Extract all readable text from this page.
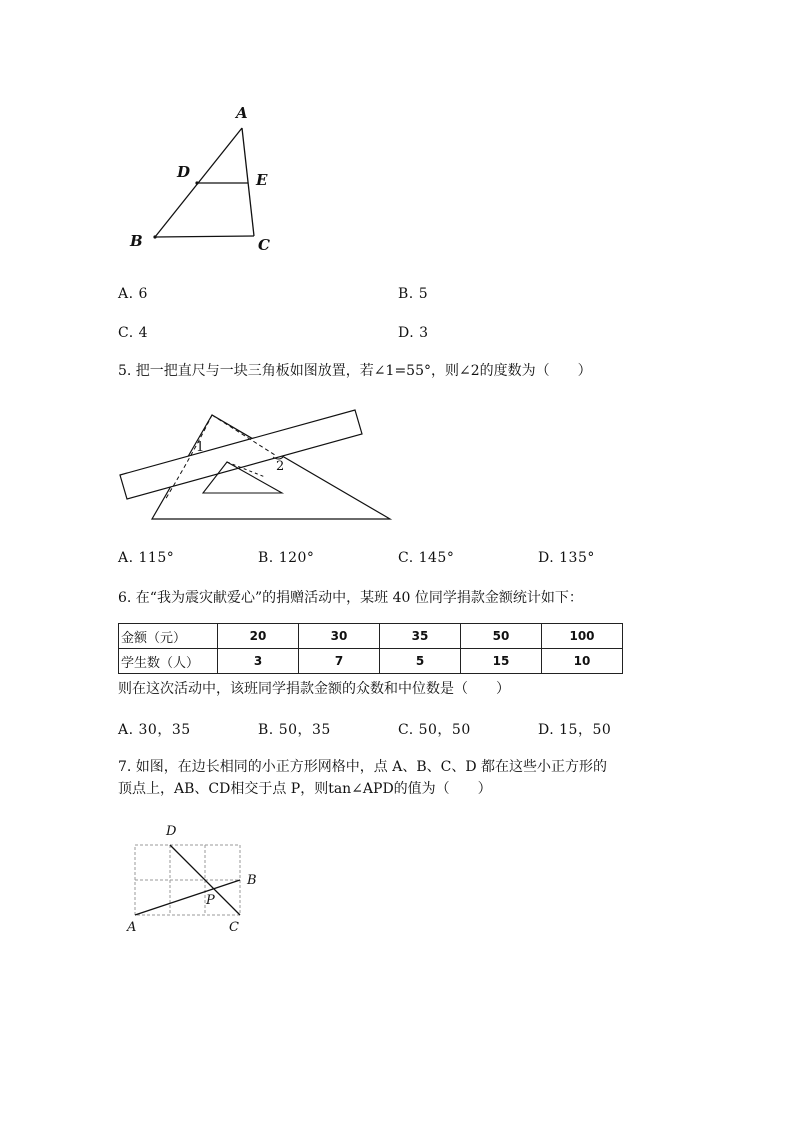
A
D	E
B	C
A. 6	B. 5
C. 4	D. 3
5. 把一把直尺与一块三角板如图放置，若∠1=55°，则∠2的度数为（　　）
1
2
A. 115°	B. 120°	C. 145°	D. 135°
6. 在“我为震灾献爱心”的捐赠活动中，某班 40 位同学捐款金额统计如下：
金额（元）	20	30	35	50	100
学生数（人）	3	7	5	15	10
则在这次活动中，该班同学捐款金额的众数和中位数是（　　）
A. 30，35	B. 50，35	C. 50，50	D. 15，50
7. 如图，在边长相同的小正方形网格中，点 A、B、C、D 都在这些小正方形的
顶点上，AB、CD相交于点 P，则tan∠APD的值为（　　）
D
B
P
A	C
